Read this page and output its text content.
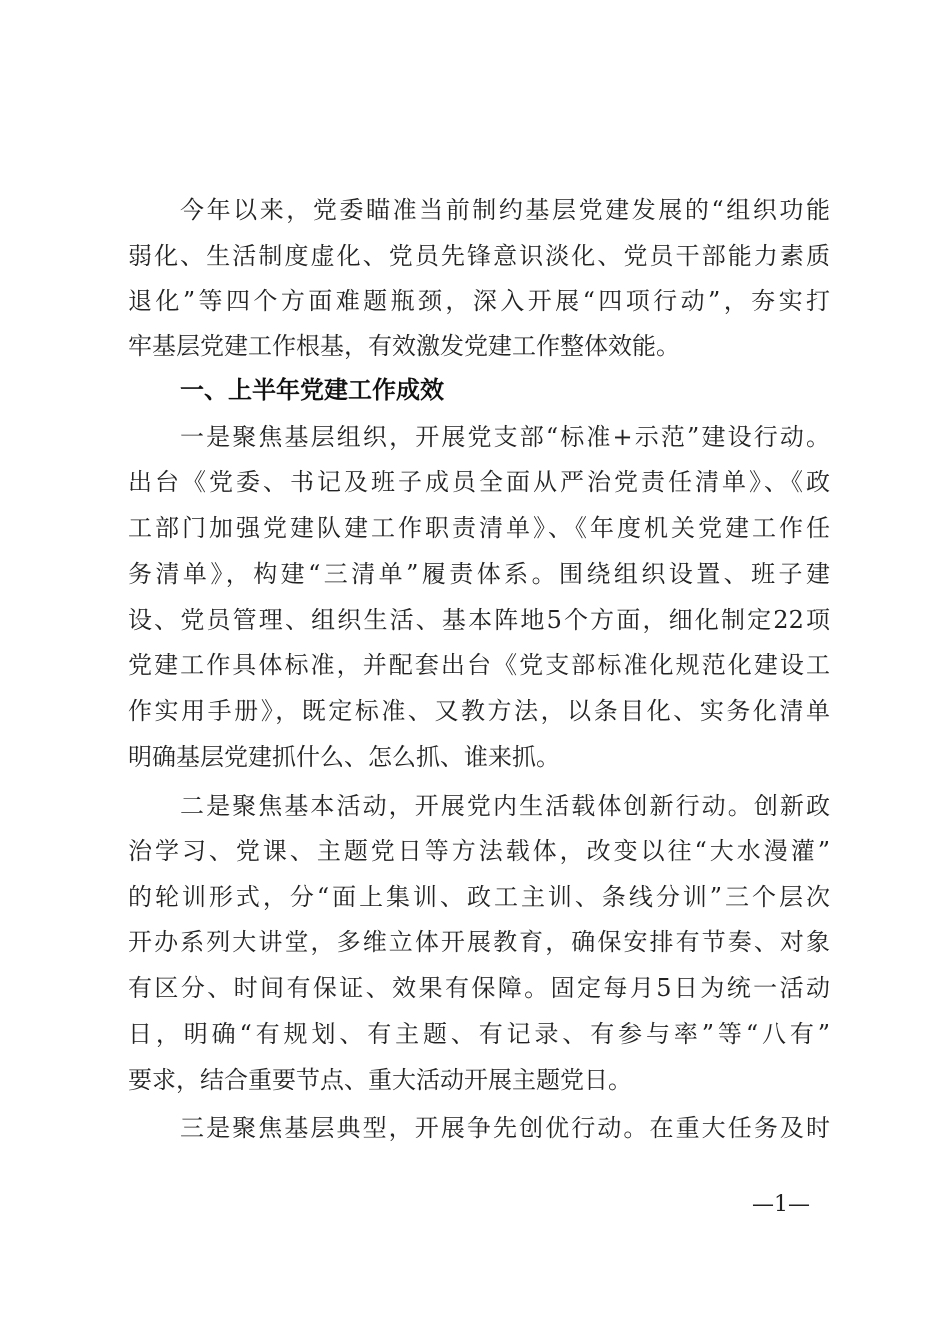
今年以来，党委瞄准当前制约基层党建发展的“组织功能
弱化、生活制度虚化、党员先锋意识淡化、党员干部能力素质
退化”等四个方面难题瓶颈，深入开展“四项行动”，夯实打
牢基层党建工作根基，有效激发党建工作整体效能。
一、上半年党建工作成效
一是聚焦基层组织，开展党支部“标准+示范”建设行动。
出台《党委、书记及班子成员全面从严治党责任清单》、《政
工部门加强党建队建工作职责清单》、《年度机关党建工作任
务清单》，构建“三清单”履责体系。围绕组织设置、班子建
设、党员管理、组织生活、基本阵地5个方面，细化制定22项
党建工作具体标准，并配套出台《党支部标准化规范化建设工
作实用手册》，既定标准、又教方法，以条目化、实务化清单
明确基层党建抓什么、怎么抓、谁来抓。
二是聚焦基本活动，开展党内生活载体创新行动。创新政
治学习、党课、主题党日等方法载体，改变以往“大水漫灌”
的轮训形式，分“面上集训、政工主训、条线分训”三个层次
开办系列大讲堂，多维立体开展教育，确保安排有节奏、对象
有区分、时间有保证、效果有保障。固定每月5日为统一活动
日，明确“有规划、有主题、有记录、有参与率”等“八有”
要求，结合重要节点、重大活动开展主题党日。
三是聚焦基层典型，开展争先创优行动。在重大任务及时
—1—
